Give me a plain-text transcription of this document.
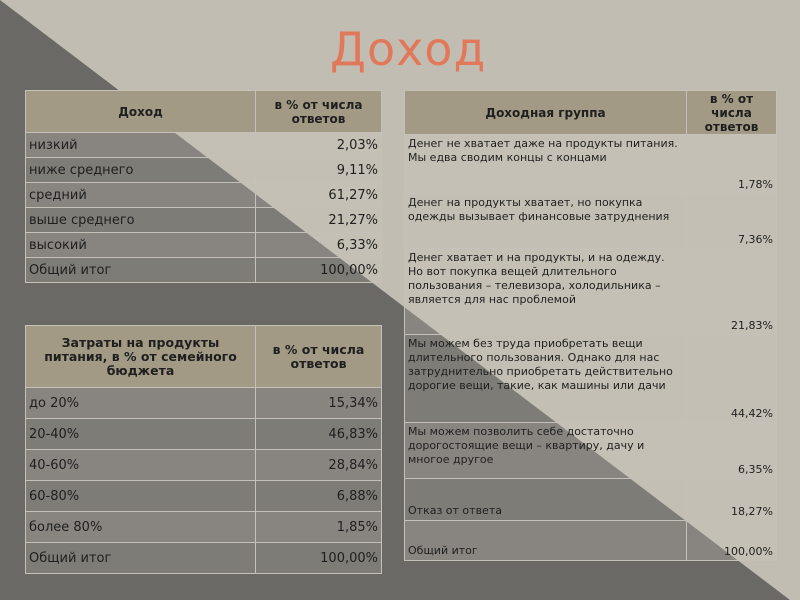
Доход
Доход	в % от числа ответов
низкий	2,03%
ниже среднего	9,11%
средний	61,27%
выше среднего	21,27%
высокий	6,33%
Общий итог	100,00%
Затраты на продукты питания, в % от семейного бюджета	в % от числа ответов
до 20%	15,34%
20-40%	46,83%
40-60%	28,84%
60-80%	6,88%
более 80%	1,85%
Общий итог	100,00%
Доходная группа	в % от числа ответов
Денег не хватает даже на продукты питания. Мы едва сводим концы с концами	1,78%
Денег на продукты хватает, но покупка одежды вызывает финансовые затруднения	7,36%
Денег хватает и на продукты, и на одежду. Но вот покупка вещей длительного пользования – телевизора, холодильника – является для нас проблемой	21,83%
Мы можем без труда приобретать вещи длительного пользования. Однако для нас затруднительно приобретать действительно дорогие вещи, такие, как машины или дачи	44,42%
Мы можем позволить себе достаточно дорогостоящие вещи – квартиру, дачу и многое другое	6,35%
Отказ от ответа	18,27%
Общий итог	100,00%
